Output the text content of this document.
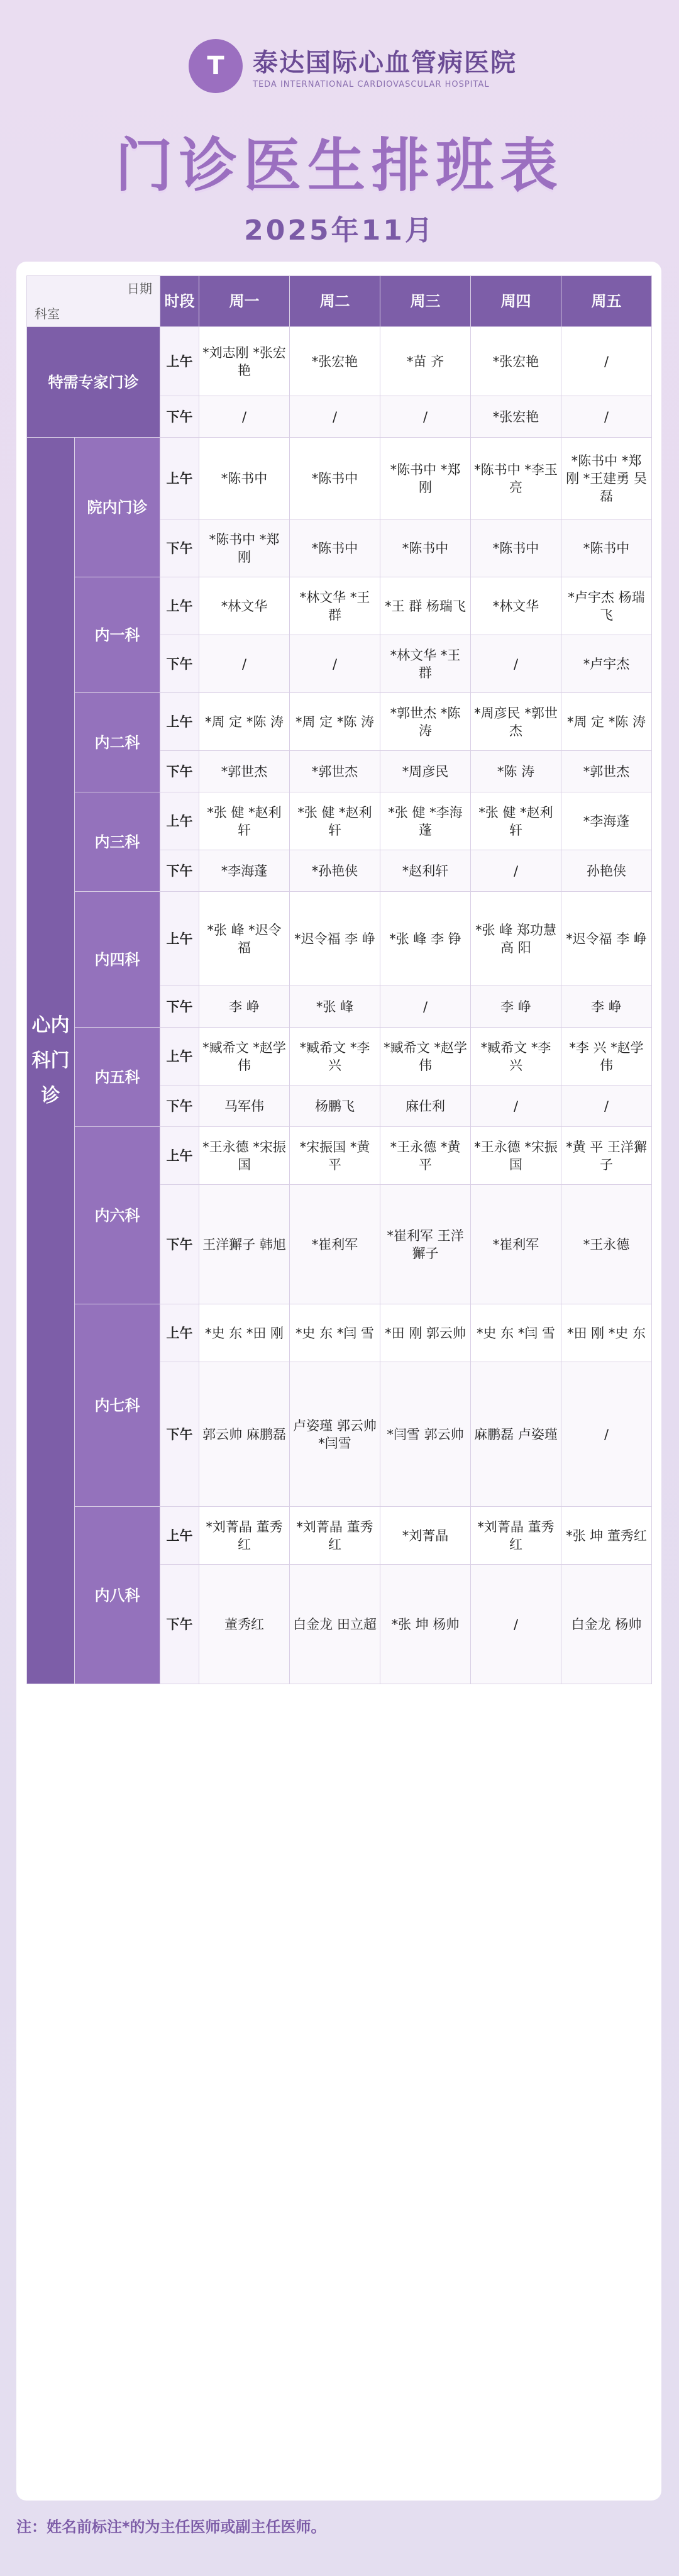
T	泰达国际心血管病医院
TEDA INTERNATIONAL CARDIOVASCULAR HOSPITAL
门诊医生排班表
2025年11月
日期
科室		时段	周一	周二	周三	周四	周五
特需专家门诊		上午	*刘志刚 *张宏艳	*张宏艳	*苗 齐	*张宏艳	/
		下午	/	/	/	*张宏艳	/
心内科门诊	院内门诊	上午	*陈书中	*陈书中	*陈书中 *郑 刚	*陈书中 *李玉亮	*陈书中 *郑 刚 *王建勇 吴 磊
		下午	*陈书中 *郑 刚	*陈书中	*陈书中	*陈书中	*陈书中
	内一科	上午	*林文华	*林文华 *王 群	*王 群 杨瑞飞	*林文华	*卢宇杰 杨瑞飞
		下午	/	/	*林文华 *王 群	/	*卢宇杰
	内二科	上午	*周 定 *陈 涛	*周 定 *陈 涛	*郭世杰 *陈 涛	*周彦民 *郭世杰	*周 定 *陈 涛
		下午	*郭世杰	*郭世杰	*周彦民	*陈 涛	*郭世杰
	内三科	上午	*张 健 *赵利轩	*张 健 *赵利轩	*张 健 *李海蓬	*张 健 *赵利轩	*李海蓬
		下午	*李海蓬	*孙艳侠	*赵利轩	/	孙艳侠
	内四科	上午	*张 峰 *迟令福	*迟令福 李 峥	*张 峰 李 铮	*张 峰 郑功慧 高 阳	*迟令福 李 峥
		下午	李 峥	*张 峰	/	李 峥	李 峥
	内五科	上午	*臧希文 *赵学伟	*臧希文 *李 兴	*臧希文 *赵学伟	*臧希文 *李 兴	*李 兴 *赵学伟
		下午	马军伟	杨鹏飞	麻仕利	/	/
	内六科	上午	*王永德 *宋振国	*宋振国 *黄 平	*王永德 *黄 平	*王永德 *宋振国	*黄 平 王洋獬子
		下午	王洋獬子 韩旭	*崔利军	*崔利军 王洋獬子	*崔利军	*王永德
	内七科	上午	*史 东 *田 刚	*史 东 *闫 雪	*田 刚 郭云帅	*史 东 *闫 雪	*田 刚 *史 东
		下午	郭云帅 麻鹏磊	卢姿瑾 郭云帅 *闫雪	*闫雪 郭云帅	麻鹏磊 卢姿瑾	/
	内八科	上午	*刘菁晶 董秀红	*刘菁晶 董秀红	*刘菁晶	*刘菁晶 董秀红	*张 坤 董秀红
		下午	董秀红	白金龙 田立超	*张 坤 杨帅	/	白金龙 杨帅
注：姓名前标注*的为主任医师或副主任医师。
